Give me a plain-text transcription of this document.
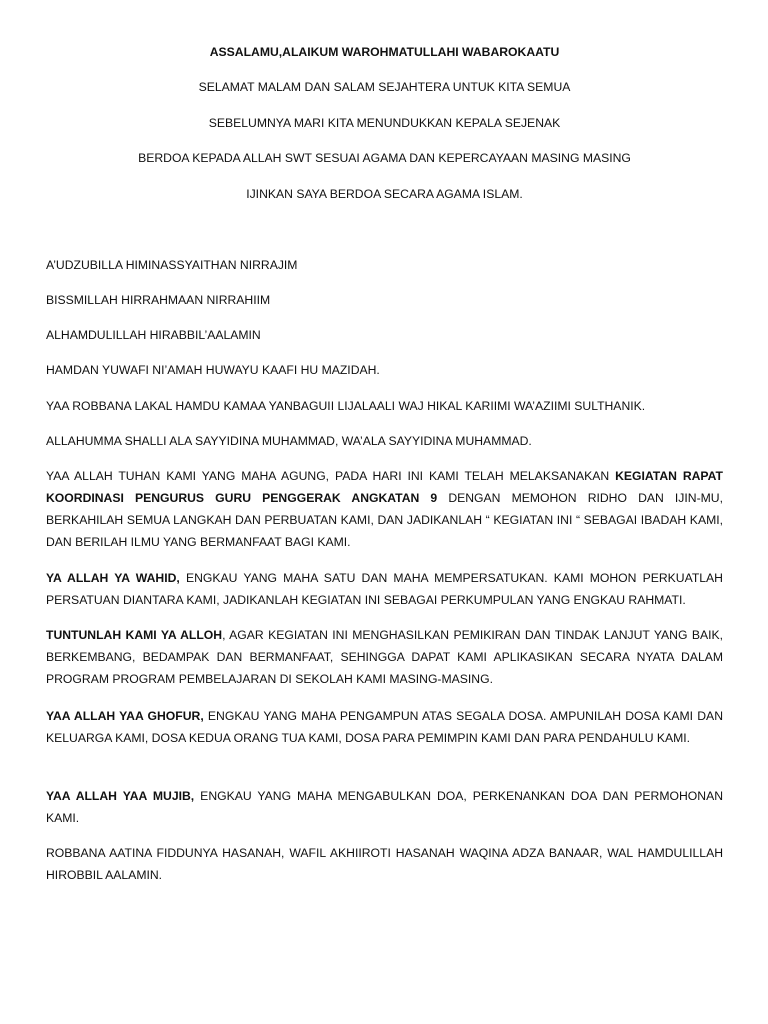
ASSALAMU,ALAIKUM WAROHMATULLAHI WABAROKAATU

SELAMAT MALAM DAN SALAM SEJAHTERA UNTUK KITA SEMUA

SEBELUMNYA MARI KITA MENUNDUKKAN KEPALA SEJENAK

BERDOA KEPADA ALLAH SWT SESUAI AGAMA DAN KEPERCAYAAN MASING MASING

IJINKAN SAYA BERDOA SECARA AGAMA ISLAM.

A’UDZUBILLA HIMINASSYAITHAN NIRRAJIM

BISSMILLAH HIRRAHMAAN NIRRAHIIM

ALHAMDULILLAH HIRABBIL’AALAMIN

HAMDAN YUWAFI NI’AMAH HUWAYU KAAFI HU MAZIDAH.

YAA ROBBANA LAKAL HAMDU KAMAA YANBAGUII LIJALAALI WAJ HIKAL KARIIMI WA’AZIIMI SULTHANIK.

ALLAHUMMA SHALLI ALA SAYYIDINA MUHAMMAD, WA’ALA SAYYIDINA MUHAMMAD.

YAA ALLAH TUHAN KAMI YANG MAHA AGUNG, PADA HARI INI KAMI TELAH MELAKSANAKAN KEGIATAN RAPAT KOORDINASI PENGURUS GURU PENGGERAK ANGKATAN 9 DENGAN MEMOHON RIDHO DAN IJIN-MU, BERKAHILAH SEMUA LANGKAH DAN PERBUATAN KAMI, DAN JADIKANLAH “ KEGIATAN INI “ SEBAGAI IBADAH KAMI, DAN BERILAH ILMU YANG BERMANFAAT BAGI KAMI.

YA ALLAH YA WAHID, ENGKAU YANG MAHA SATU DAN MAHA MEMPERSATUKAN. KAMI MOHON PERKUATLAH PERSATUAN DIANTARA KAMI, JADIKANLAH KEGIATAN INI SEBAGAI PERKUMPULAN YANG ENGKAU RAHMATI.

TUNTUNLAH KAMI YA ALLOH, AGAR KEGIATAN INI MENGHASILKAN PEMIKIRAN DAN TINDAK LANJUT YANG BAIK, BERKEMBANG, BEDAMPAK DAN BERMANFAAT, SEHINGGA DAPAT KAMI APLIKASIKAN SECARA NYATA DALAM PROGRAM PROGRAM PEMBELAJARAN DI SEKOLAH KAMI MASING-MASING.

YAA ALLAH YAA GHOFUR, ENGKAU YANG MAHA PENGAMPUN ATAS SEGALA DOSA. AMPUNILAH DOSA KAMI DAN KELUARGA KAMI, DOSA KEDUA ORANG TUA KAMI, DOSA PARA PEMIMPIN KAMI DAN PARA PENDAHULU KAMI.

YAA ALLAH YAA MUJIB, ENGKAU YANG MAHA MENGABULKAN DOA, PERKENANKAN DOA DAN PERMOHONAN KAMI.

ROBBANA AATINA FIDDUNYA HASANAH, WAFIL AKHIIROTI HASANAH WAQINA ADZA BANAAR, WAL HAMDULILLAH HIROBBIL AALAMIN.
